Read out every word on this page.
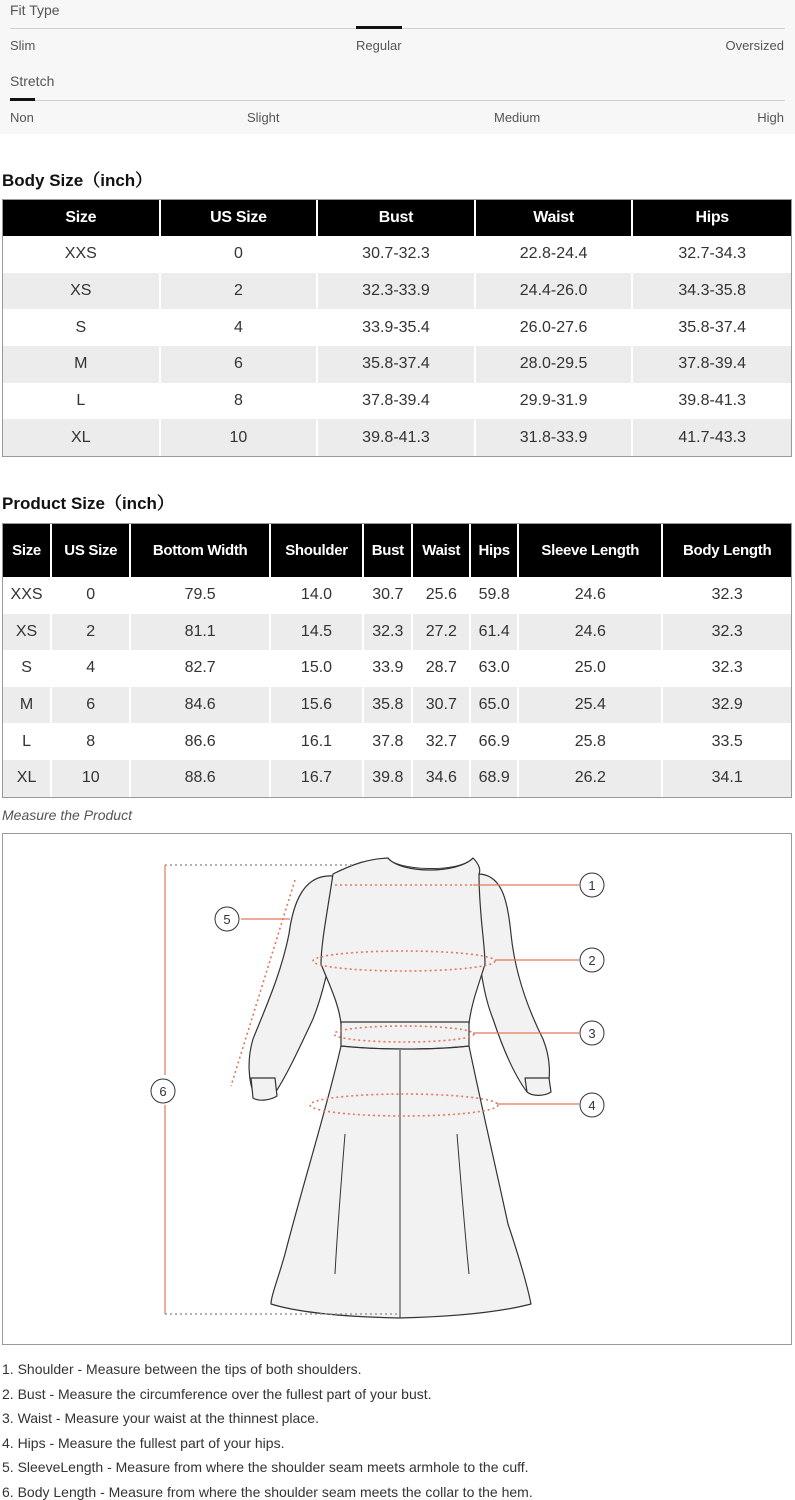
Fit Type
Slim	Regular	Oversized
Stretch
Non	Slight	Medium	High
Body Size（inch）
Size	US Size	Bust	Waist	Hips
XXS	0	30.7-32.3	22.8-24.4	32.7-34.3
XS	2	32.3-33.9	24.4-26.0	34.3-35.8
S	4	33.9-35.4	26.0-27.6	35.8-37.4
M	6	35.8-37.4	28.0-29.5	37.8-39.4
L	8	37.8-39.4	29.9-31.9	39.8-41.3
XL	10	39.8-41.3	31.8-33.9	41.7-43.3
Product Size（inch）
Size	US Size	Bottom Width	Shoulder	Bust	Waist	Hips	Sleeve Length	Body Length
XXS	0	79.5	14.0	30.7	25.6	59.8	24.6	32.3
XS	2	81.1	14.5	32.3	27.2	61.4	24.6	32.3
S	4	82.7	15.0	33.9	28.7	63.0	25.0	32.3
M	6	84.6	15.6	35.8	30.7	65.0	25.4	32.9
L	8	86.6	16.1	37.8	32.7	66.9	25.8	33.5
XL	10	88.6	16.7	39.8	34.6	68.9	26.2	34.1
Measure the Product
1
2
3
4
5
6
1. Shoulder - Measure between the tips of both shoulders.
2. Bust - Measure the circumference over the fullest part of your bust.
3. Waist - Measure your waist at the thinnest place.
4. Hips - Measure the fullest part of your hips.
5. SleeveLength - Measure from where the shoulder seam meets armhole to the cuff.
6. Body Length - Measure from where the shoulder seam meets the collar to the hem.
